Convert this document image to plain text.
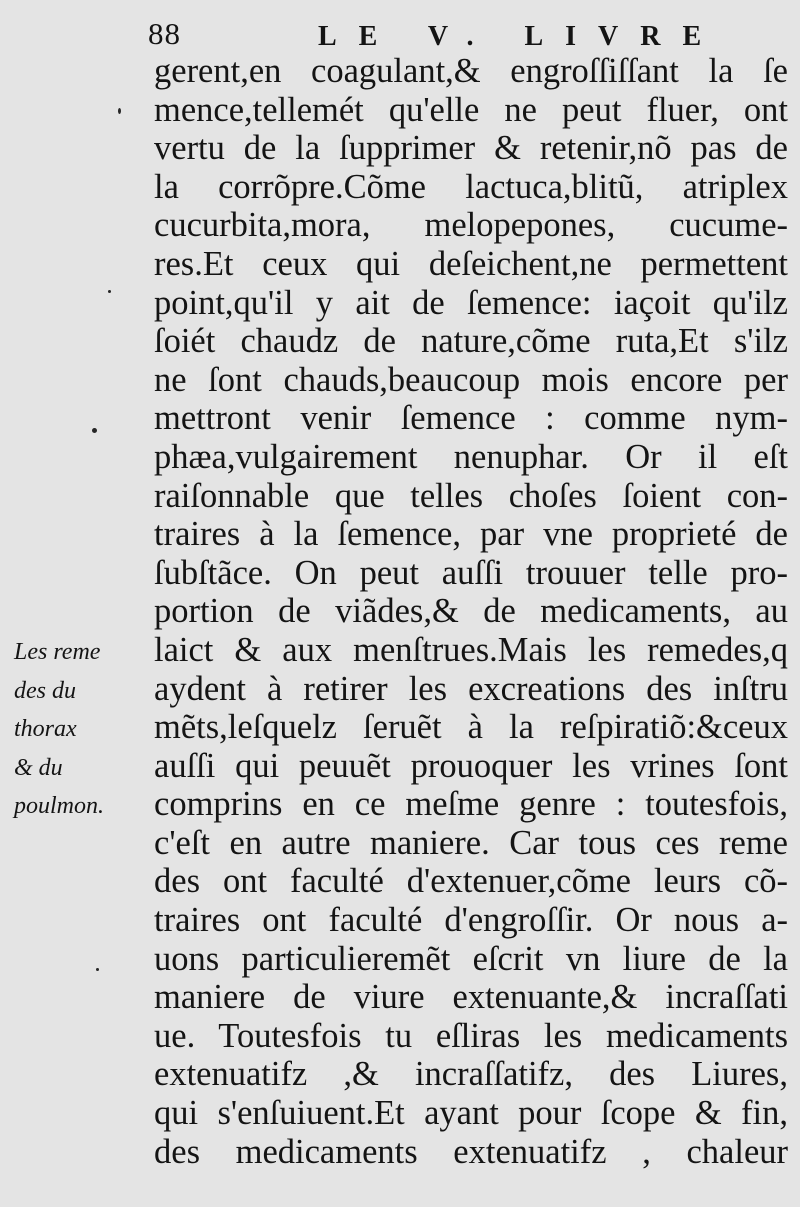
88	LE V. LIVRE
gerent,en coagulant,& engroſſiſſant la ſe
mence,tellemét qu'elle ne peut fluer, ont
vertu de la ſupprimer & retenir,nõ pas de
la corrõpre.Cõme lactuca,blitũ, atriplex
cucurbita,mora, melopepones, cucume-
res.Et ceux qui deſeichent,ne permettent
point,qu'il y ait de ſemence: iaçoit qu'ilz
ſoiét chaudz de nature,cõme ruta,Et s'ilz
ne ſont chauds,beaucoup mois encore per
mettront venir ſemence : comme nym-
phæa,vulgairement nenuphar. Or il eſt
raiſonnable que telles choſes ſoient con-
traires à la ſemence, par vne proprieté de
ſubſtãce. On peut auſſi trouuer telle pro-
portion de viãdes,& de medicaments, au
laict & aux menſtrues.Mais les remedes,q
aydent à retirer les excreations des inſtru
mẽts,leſquelz ſeruẽt à la reſpiratiõ:&ceux
auſſi qui peuuẽt prouoquer les vrines ſont
comprins en ce meſme genre : toutesfois,
c'eſt en autre maniere. Car tous ces reme
des ont faculté d'extenuer,cõme leurs cõ-
traires ont faculté d'engroſſir. Or nous a-
uons particulieremẽt eſcrit vn liure de la
maniere de viure extenuante,& incraſſati
ue. Toutesfois tu eſliras les medicaments
extenuatifz ,& incraſſatifz, des Liures,
qui s'enſuiuent.Et ayant pour ſcope & fin,
des medicaments extenuatifz , chaleur
Les reme
des du
thorax
& du
poulmon.
